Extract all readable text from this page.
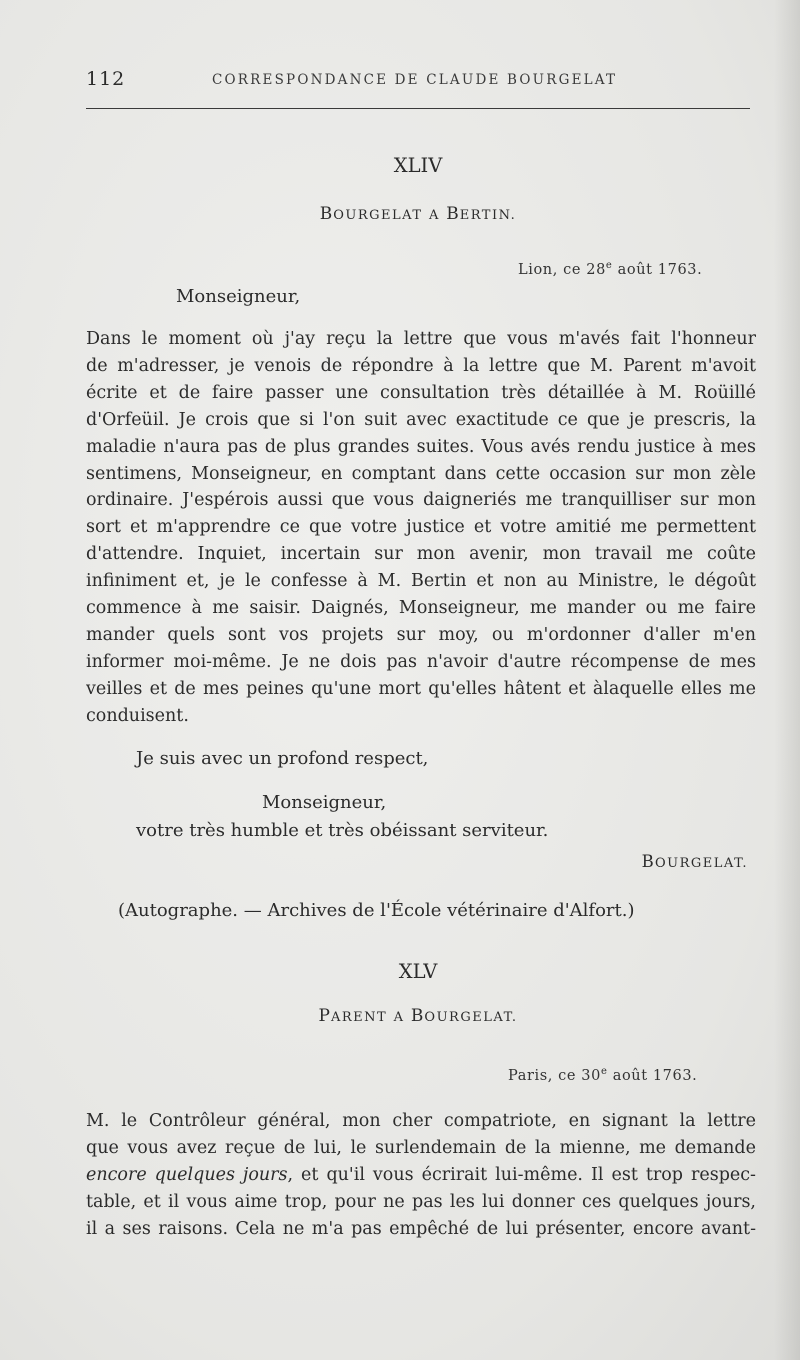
112	CORRESPONDANCE DE CLAUDE BOURGELAT
XLIV
BOURGELAT A BERTIN.
Lion, ce 28e août 1763.
Monseigneur,
Dans le moment où j'ay reçu la lettre que vous m'avés fait l'honneur
de m'adresser, je venois de répondre à la lettre que M. Parent m'avoit
écrite et de faire passer une consultation très détaillée à M. Roüillé
d'Orfeüil. Je crois que si l'on suit avec exactitude ce que je prescris, la
maladie n'aura pas de plus grandes suites. Vous avés rendu justice à mes
sentimens, Monseigneur, en comptant dans cette occasion sur mon zèle
ordinaire. J'espérois aussi que vous daigneriés me tranquilliser sur mon
sort et m'apprendre ce que votre justice et votre amitié me permettent
d'attendre. Inquiet, incertain sur mon avenir, mon travail me coûte
infiniment et, je le confesse à M. Bertin et non au Ministre, le dégoût
commence à me saisir. Daignés, Monseigneur, me mander ou me faire
mander quels sont vos projets sur moy, ou m'ordonner d'aller m'en
informer moi-même. Je ne dois pas n'avoir d'autre récompense de mes
veilles et de mes peines qu'une mort qu'elles hâtent et àlaquelle elles me
conduisent.
Je suis avec un profond respect,
Monseigneur,
votre très humble et très obéissant serviteur.
BOURGELAT.
(Autographe. — Archives de l'École vétérinaire d'Alfort.)
XLV
PARENT A BOURGELAT.
Paris, ce 30e août 1763.
M. le Contrôleur général, mon cher compatriote, en signant la lettre
que vous avez reçue de lui, le surlendemain de la mienne, me demande
encore quelques jours, et qu'il vous écrirait lui-même. Il est trop respec-
table, et il vous aime trop, pour ne pas les lui donner ces quelques jours,
il a ses raisons. Cela ne m'a pas empêché de lui présenter, encore avant-
